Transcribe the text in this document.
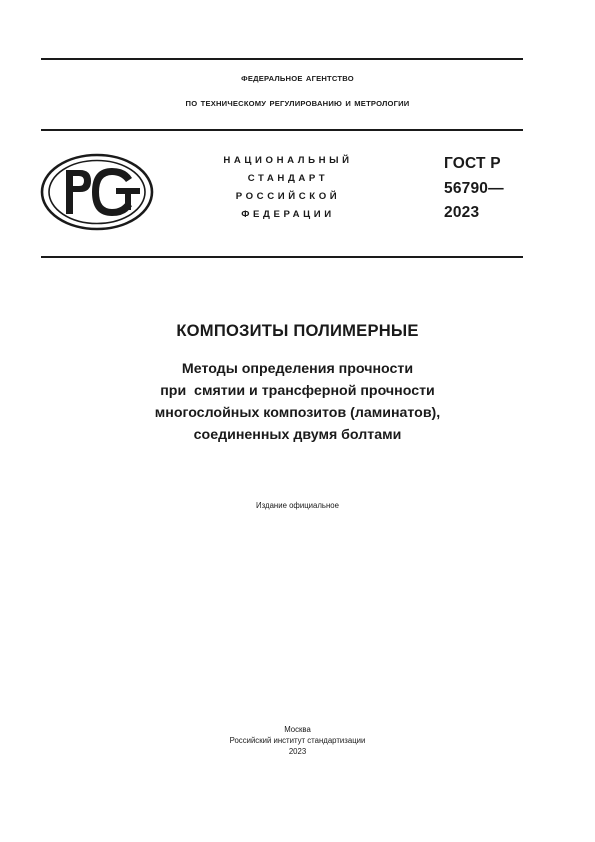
ФЕДЕРАЛЬНОЕ АГЕНТСТВО
ПО ТЕХНИЧЕСКОМУ РЕГУЛИРОВАНИЮ И МЕТРОЛОГИИ
НАЦИОНАЛЬНЫЙ
СТАНДАРТ
РОССИЙСКОЙ
ФЕДЕРАЦИИ
ГОСТ Р
56790—
2023
КОМПОЗИТЫ ПОЛИМЕРНЫЕ
Методы определения прочности
при  смятии и трансферной прочности
многослойных композитов (ламинатов),
соединенных двумя болтами
Издание официальное
Москва
Российский институт стандартизации
2023
